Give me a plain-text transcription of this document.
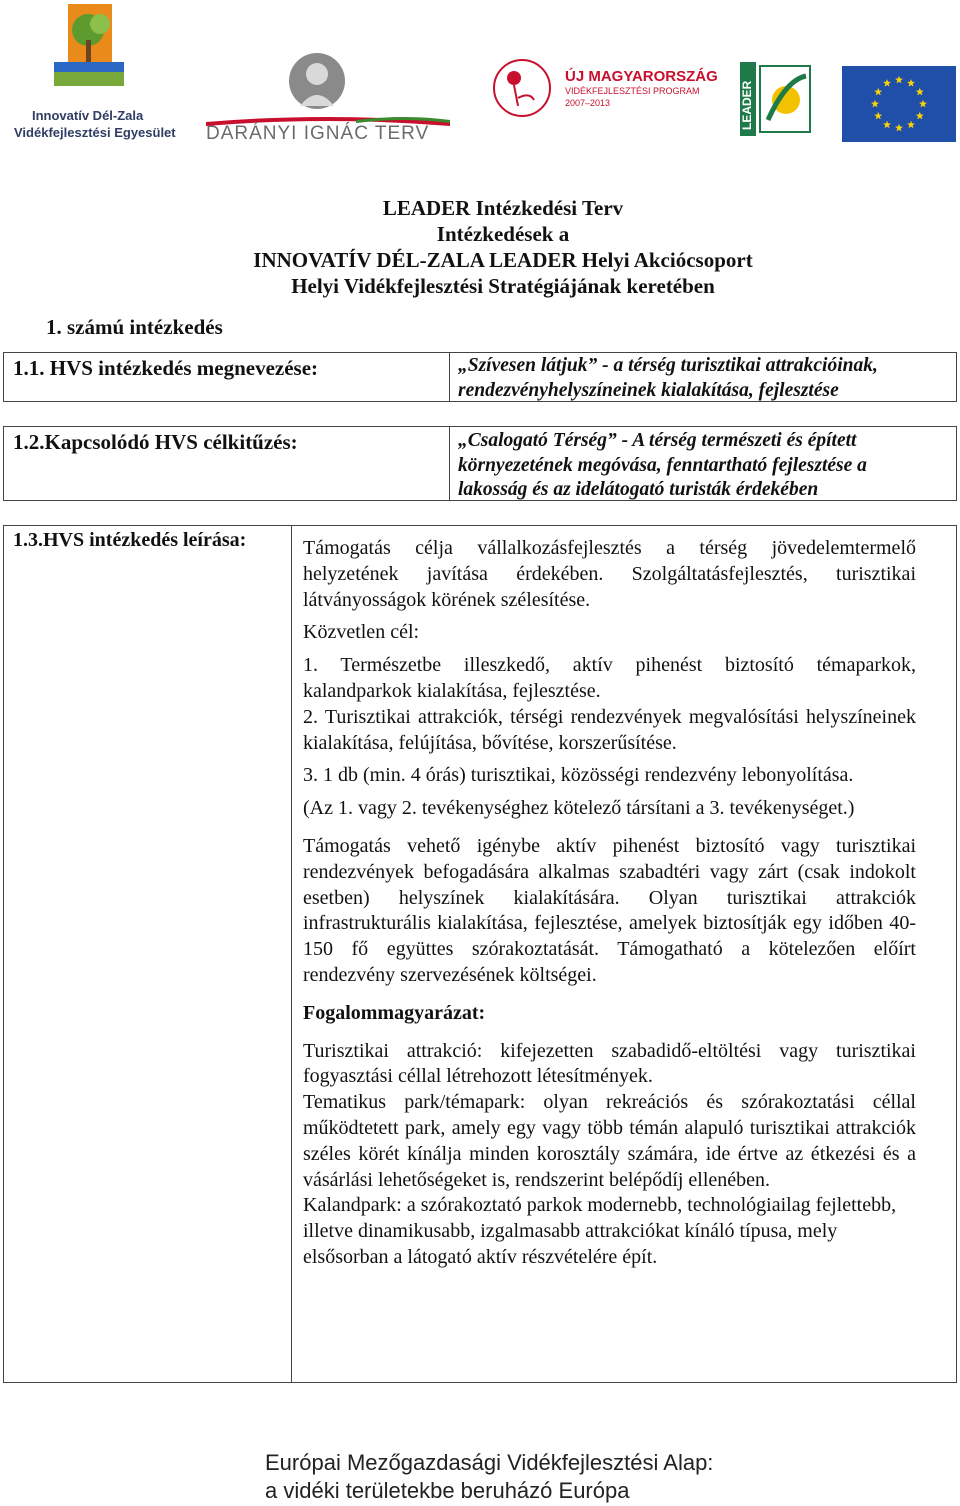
Innovatív Dél-Zala
Vidékfejlesztési Egyesület DARÁNYI IGNÁC TERV
ÚJ MAGYARORSZÁG
VIDÉKFEJLESZTÉSI PROGRAM
2007–2013	LEADER
LEADER Intézkedési Terv
Intézkedések a
INNOVATÍV DÉL-ZALA LEADER Helyi Akciócsoport
Helyi Vidékfejlesztési Stratégiájának keretében
1. számú intézkedés
1.1. HVS intézkedés megnevezése:	„Szívesen látjuk” - a térség turisztikai attrakcióinak,
rendezvényhelyszíneinek kialakítása, fejlesztése
1.2.Kapcsolódó HVS célkitűzés:	„Csalogató Térség” - A térség természeti és épített
környezetének megóvása, fenntartható fejlesztése a
lakosság és az idelátogató turisták érdekében
1.3.HVS intézkedés leírása:	Támogatás célja vállalkozásfejlesztés a térség jövedelemtermelő helyzetének javítása érdekében. Szolgáltatásfejlesztés, turisztikai látványosságok körének szélesítése.

Közvetlen cél:

1. Természetbe illeszkedő, aktív pihenést biztosító témaparkok, kalandparkok kialakítása, fejlesztése.

2. Turisztikai attrakciók, térségi rendezvények megvalósítási helyszíneinek kialakítása, felújítása, bővítése, korszerűsítése.

3. 1 db (min. 4 órás) turisztikai, közösségi rendezvény lebonyolítása.

(Az 1. vagy 2. tevékenységhez kötelező társítani a 3. tevékenységet.)

Támogatás vehető igénybe aktív pihenést biztosító vagy turisztikai rendezvények befogadására alkalmas szabadtéri vagy zárt (csak indokolt esetben) helyszínek kialakítására. Olyan turisztikai attrakciók infrastrukturális kialakítása, fejlesztése, amelyek biztosítják egy időben 40-150 fő együttes szórakoztatását. Támogatható a kötelezően előírt rendezvény szervezésének költségei.

Fogalommagyarázat:

Turisztikai attrakció: kifejezetten szabadidő-eltöltési vagy turisztikai fogyasztási céllal létrehozott létesítmények.

Tematikus park/témapark: olyan rekreációs és szórakoztatási céllal működtetett park, amely egy vagy több témán alapuló turisztikai attrakciók széles körét kínálja minden korosztály számára, ide értve az étkezési és a vásárlási lehetőségeket is, rendszerint belépődíj ellenében.

Kalandpark: a szórakoztató parkok modernebb, technológiailag fejlettebb, illetve dinamikusabb, izgalmasabb attrakciókat kínáló típusa, mely elsősorban a látogató aktív részvételére épít.

Európai Mezőgazdasági Vidékfejlesztési Alap:
a vidéki területekbe beruházó Európa
